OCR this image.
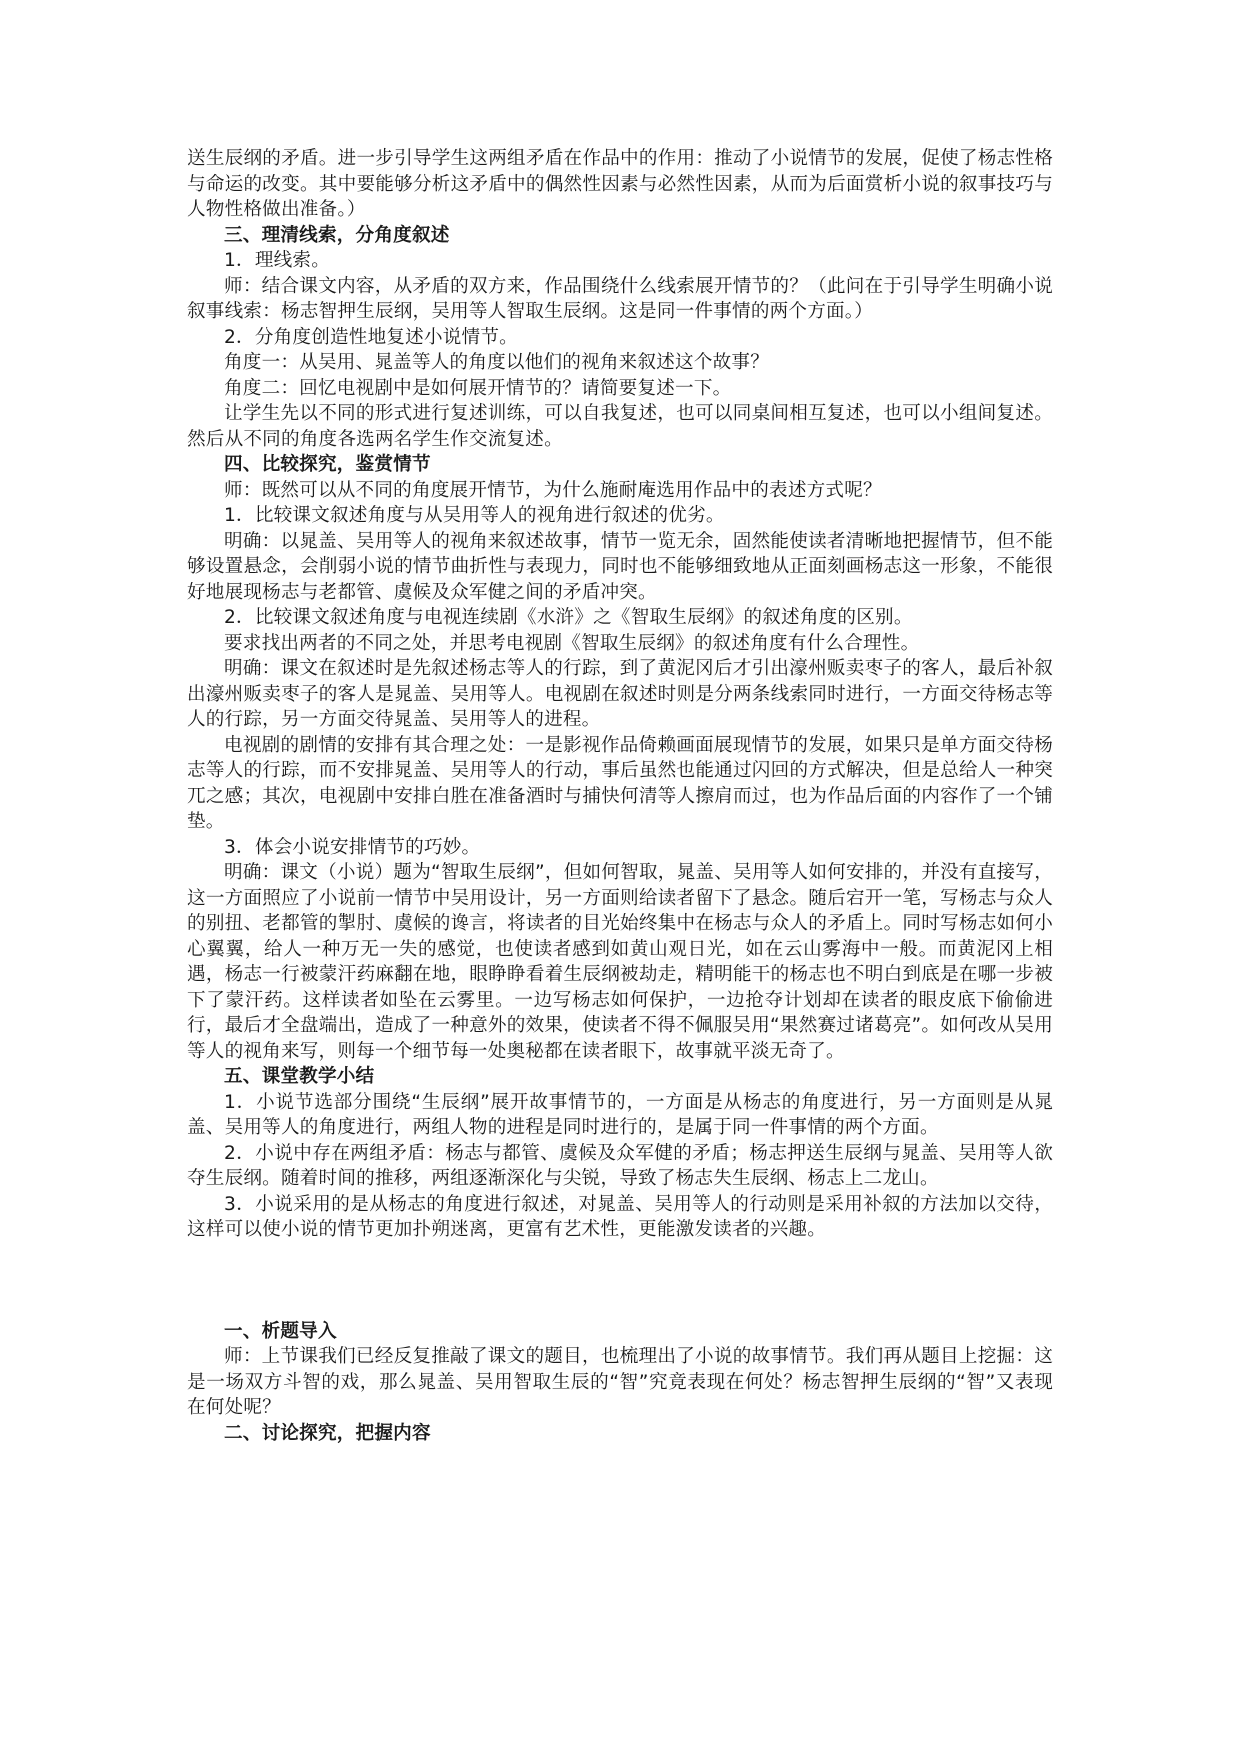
送生辰纲的矛盾。进一步引导学生这两组矛盾在作品中的作用：推动了小说情节的发展，促使了杨志性格与命运的改变。其中要能够分析这矛盾中的偶然性因素与必然性因素，从而为后面赏析小说的叙事技巧与人物性格做出准备。）

三、理清线索，分角度叙述

1．理线索。

师：结合课文内容，从矛盾的双方来，作品围绕什么线索展开情节的？（此问在于引导学生明确小说叙事线索：杨志智押生辰纲，吴用等人智取生辰纲。这是同一件事情的两个方面。）

2．分角度创造性地复述小说情节。

角度一：从吴用、晁盖等人的角度以他们的视角来叙述这个故事？

角度二：回忆电视剧中是如何展开情节的？请简要复述一下。

让学生先以不同的形式进行复述训练，可以自我复述，也可以同桌间相互复述，也可以小组间复述。然后从不同的角度各选两名学生作交流复述。

四、比较探究，鉴赏情节

师：既然可以从不同的角度展开情节，为什么施耐庵选用作品中的表述方式呢？

1．比较课文叙述角度与从吴用等人的视角进行叙述的优劣。

明确：以晁盖、吴用等人的视角来叙述故事，情节一览无余，固然能使读者清晰地把握情节，但不能够设置悬念，会削弱小说的情节曲折性与表现力，同时也不能够细致地从正面刻画杨志这一形象，不能很好地展现杨志与老都管、虞候及众军健之间的矛盾冲突。

2．比较课文叙述角度与电视连续剧《水浒》之《智取生辰纲》的叙述角度的区别。

要求找出两者的不同之处，并思考电视剧《智取生辰纲》的叙述角度有什么合理性。

明确：课文在叙述时是先叙述杨志等人的行踪，到了黄泥冈后才引出濠州贩卖枣子的客人，最后补叙出濠州贩卖枣子的客人是晁盖、吴用等人。电视剧在叙述时则是分两条线索同时进行，一方面交待杨志等人的行踪，另一方面交待晁盖、吴用等人的进程。

电视剧的剧情的安排有其合理之处：一是影视作品倚赖画面展现情节的发展，如果只是单方面交待杨志等人的行踪，而不安排晁盖、吴用等人的行动，事后虽然也能通过闪回的方式解决，但是总给人一种突兀之感；其次，电视剧中安排白胜在准备酒时与捕快何清等人擦肩而过，也为作品后面的内容作了一个铺垫。

3．体会小说安排情节的巧妙。

明确：课文（小说）题为“智取生辰纲”，但如何智取，晁盖、吴用等人如何安排的，并没有直接写，这一方面照应了小说前一情节中吴用设计，另一方面则给读者留下了悬念。随后宕开一笔，写杨志与众人的别扭、老都管的掣肘、虞候的谗言，将读者的目光始终集中在杨志与众人的矛盾上。同时写杨志如何小心翼翼，给人一种万无一失的感觉，也使读者感到如黄山观日光，如在云山雾海中一般。而黄泥冈上相遇，杨志一行被蒙汗药麻翻在地，眼睁睁看着生辰纲被劫走，精明能干的杨志也不明白到底是在哪一步被下了蒙汗药。这样读者如坠在云雾里。一边写杨志如何保护，一边抢夺计划却在读者的眼皮底下偷偷进行，最后才全盘端出，造成了一种意外的效果，使读者不得不佩服吴用“果然赛过诸葛亮”。如何改从吴用等人的视角来写，则每一个细节每一处奥秘都在读者眼下，故事就平淡无奇了。

五、课堂教学小结

1．小说节选部分围绕“生辰纲”展开故事情节的，一方面是从杨志的角度进行，另一方面则是从晁盖、吴用等人的角度进行，两组人物的进程是同时进行的，是属于同一件事情的两个方面。

2．小说中存在两组矛盾：杨志与都管、虞候及众军健的矛盾；杨志押送生辰纲与晁盖、吴用等人欲夺生辰纲。随着时间的推移，两组逐渐深化与尖锐，导致了杨志失生辰纲、杨志上二龙山。

3．小说采用的是从杨志的角度进行叙述，对晁盖、吴用等人的行动则是采用补叙的方法加以交待，这样可以使小说的情节更加扑朔迷离，更富有艺术性，更能激发读者的兴趣。

一、析题导入

师：上节课我们已经反复推敲了课文的题目，也梳理出了小说的故事情节。我们再从题目上挖掘：这是一场双方斗智的戏，那么晁盖、吴用智取生辰的“智”究竟表现在何处？杨志智押生辰纲的“智”又表现在何处呢？

二、讨论探究，把握内容
